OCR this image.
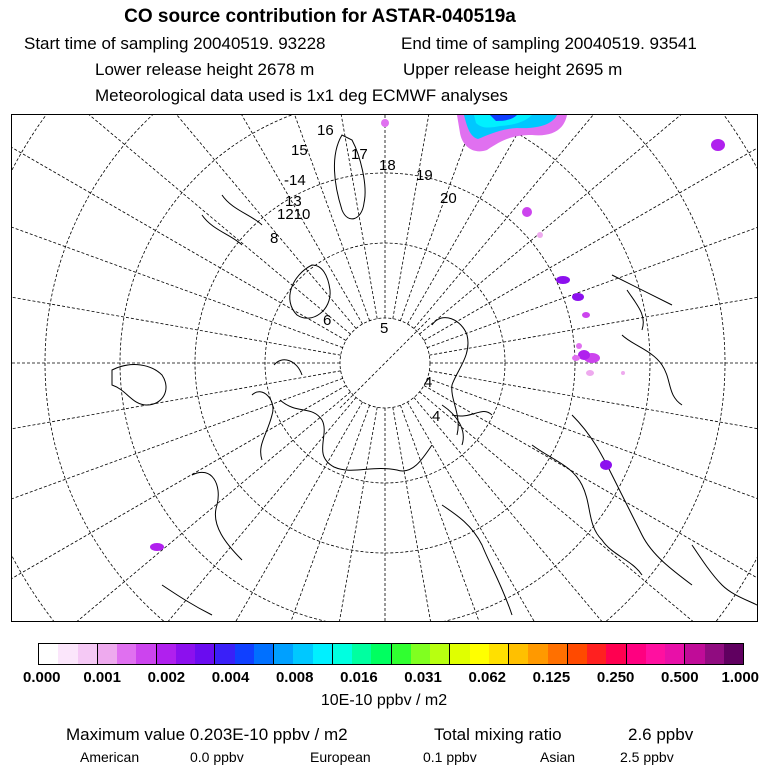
CO source contribution for ASTAR-040519a
Start time of sampling 20040519. 93228	End time of sampling 20040519. 93541
Lower release height 2678 m	Upper release height 2695 m
Meteorological data used is 1x1 deg ECMWF analyses
16
15	17
18
19
-14
20
13
1210
8
6	5
4
4
0.000 0.001 0.002 0.004 0.008 0.016 0.031 0.062 0.125 0.250 0.500 1.000
10E-10 ppbv / m2
Maximum value 0.203E-10 ppbv / m2	Total mixing ratio	2.6 ppbv
American	0.0 ppbv	European	0.1 ppbv	Asian	2.5 ppbv
